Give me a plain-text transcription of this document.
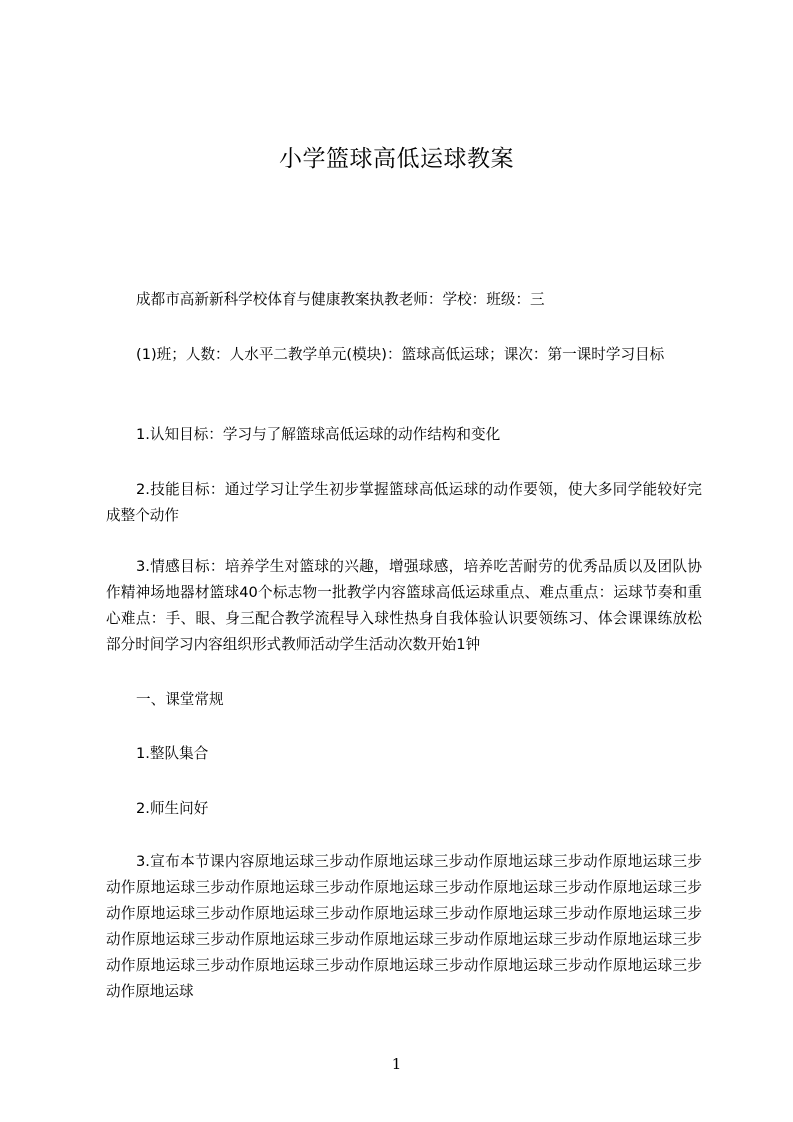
小学篮球高低运球教案

成都市高新新科学校体育与健康教案执教老师：学校：班级：三

(1)班；人数：人水平二教学单元(模块)：篮球高低运球；课次：第一课时学习目标

1.认知目标：学习与了解篮球高低运球的动作结构和变化

2.技能目标：通过学习让学生初步掌握篮球高低运球的动作要领，使大多同学能较好完成整个动作

3.情感目标：培养学生对篮球的兴趣，增强球感，培养吃苦耐劳的优秀品质以及团队协作精神场地器材篮球40个标志物一批教学内容篮球高低运球重点、难点重点：运球节奏和重心难点：手、眼、身三配合教学流程导入球性热身自我体验认识要领练习、体会课课练放松部分时间学习内容组织形式教师活动学生活动次数开始1钟

一、课堂常规

1.整队集合

2.师生问好

3.宣布本节课内容原地运球三步动作原地运球三步动作原地运球三步动作原地运球三步动作原地运球三步动作原地运球三步动作原地运球三步动作原地运球三步动作原地运球三步动作原地运球三步动作原地运球三步动作原地运球三步动作原地运球三步动作原地运球三步动作原地运球三步动作原地运球三步动作原地运球三步动作原地运球三步动作原地运球三步动作原地运球三步动作原地运球三步动作原地运球三步动作原地运球三步动作原地运球三步动作原地运球

1
